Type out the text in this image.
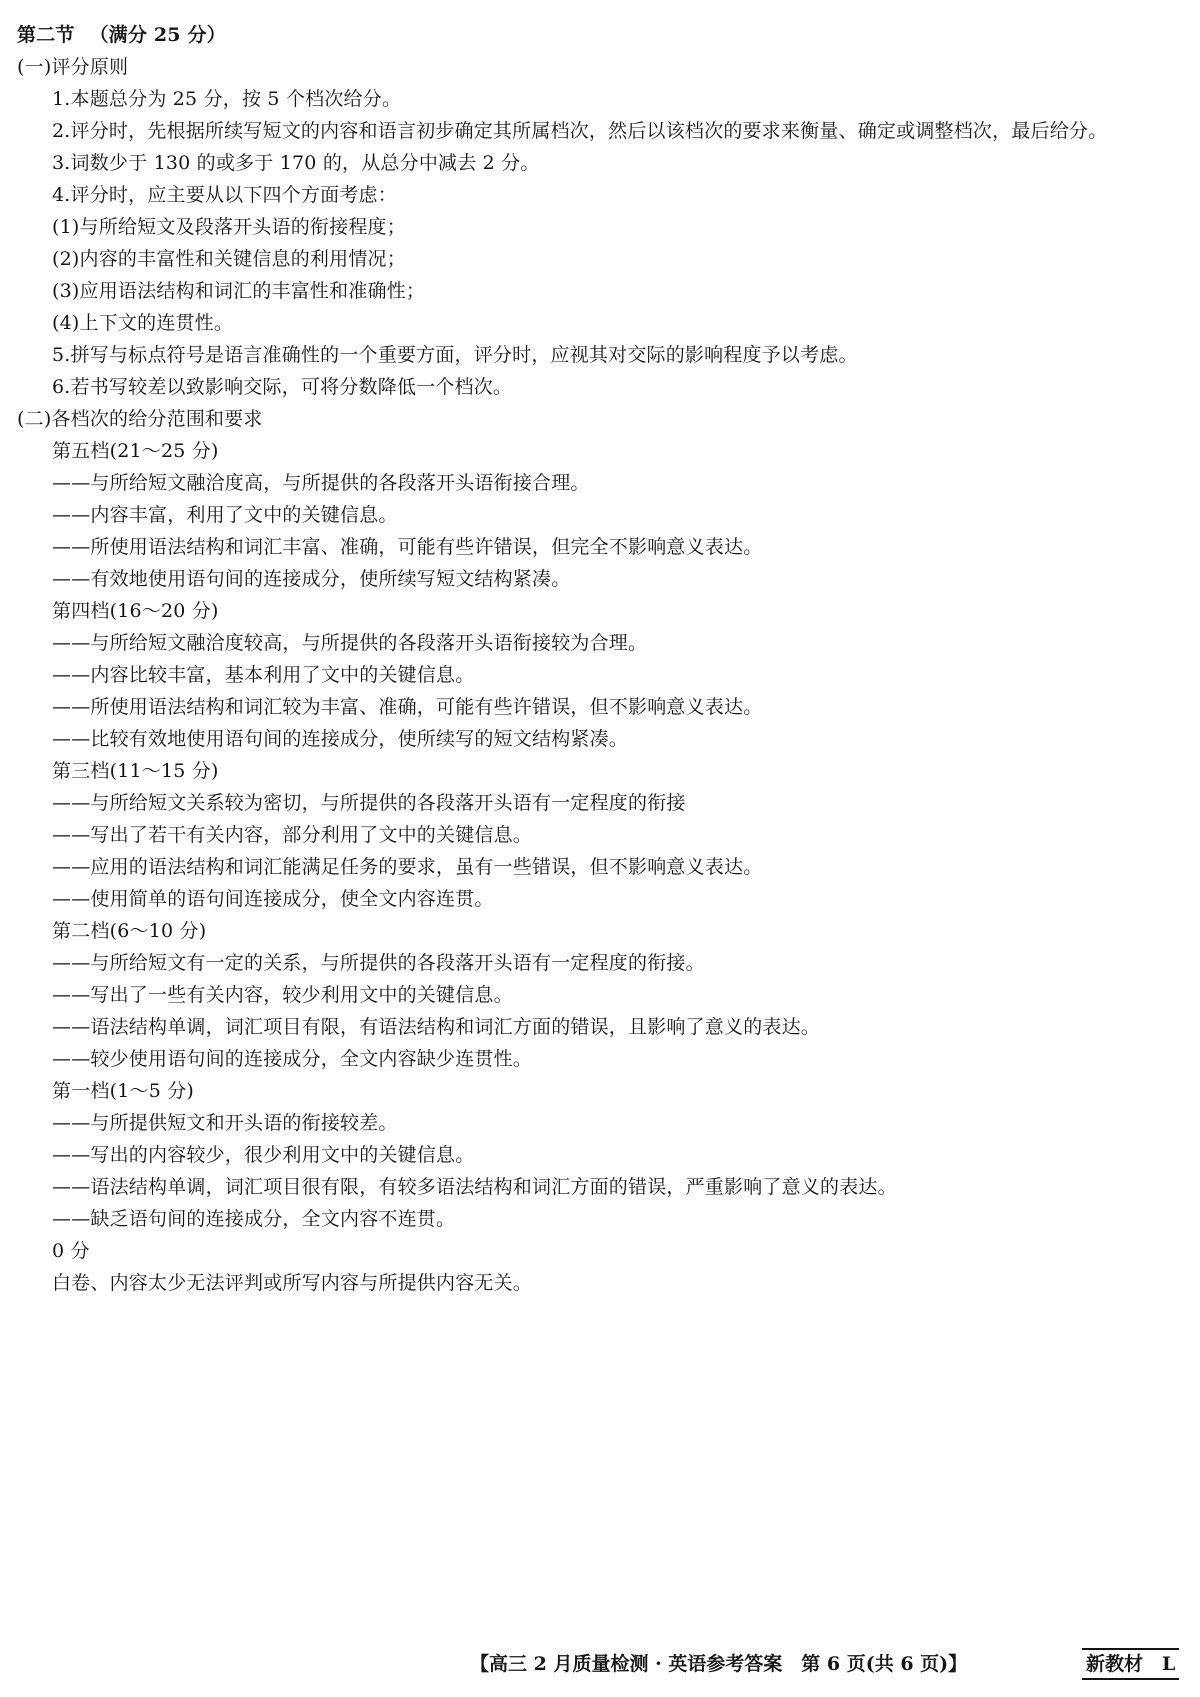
第二节 （满分 25 分）
(一)评分原则
1.本题总分为 25 分，按 5 个档次给分。
2.评分时，先根据所续写短文的内容和语言初步确定其所属档次，然后以该档次的要求来衡量、确定或调整档次，最后给分。
3.词数少于 130 的或多于 170 的，从总分中减去 2 分。
4.评分时，应主要从以下四个方面考虑：
(1)与所给短文及段落开头语的衔接程度；
(2)内容的丰富性和关键信息的利用情况；
(3)应用语法结构和词汇的丰富性和准确性；
(4)上下文的连贯性。
5.拼写与标点符号是语言准确性的一个重要方面，评分时，应视其对交际的影响程度予以考虑。
6.若书写较差以致影响交际，可将分数降低一个档次。
(二)各档次的给分范围和要求
第五档(21～25 分)
——与所给短文融洽度高，与所提供的各段落开头语衔接合理。
——内容丰富，利用了文中的关键信息。
——所使用语法结构和词汇丰富、准确，可能有些许错误，但完全不影响意义表达。
——有效地使用语句间的连接成分，使所续写短文结构紧凑。
第四档(16～20 分)
——与所给短文融洽度较高，与所提供的各段落开头语衔接较为合理。
——内容比较丰富，基本利用了文中的关键信息。
——所使用语法结构和词汇较为丰富、准确，可能有些许错误，但不影响意义表达。
——比较有效地使用语句间的连接成分，使所续写的短文结构紧凑。
第三档(11～15 分)
——与所给短文关系较为密切，与所提供的各段落开头语有一定程度的衔接
——写出了若干有关内容，部分利用了文中的关键信息。
——应用的语法结构和词汇能满足任务的要求，虽有一些错误，但不影响意义表达。
——使用简单的语句间连接成分，使全文内容连贯。
第二档(6～10 分)
——与所给短文有一定的关系，与所提供的各段落开头语有一定程度的衔接。
——写出了一些有关内容，较少利用文中的关键信息。
——语法结构单调，词汇项目有限，有语法结构和词汇方面的错误，且影响了意义的表达。
——较少使用语句间的连接成分，全文内容缺少连贯性。
第一档(1～5 分)
——与所提供短文和开头语的衔接较差。
——写出的内容较少，很少利用文中的关键信息。
——语法结构单调，词汇项目很有限，有较多语法结构和词汇方面的错误，严重影响了意义的表达。
——缺乏语句间的连接成分，全文内容不连贯。
0 分
白卷、内容太少无法评判或所写内容与所提供内容无关。
【高三 2 月质量检测 · 英语参考答案　第 6 页(共 6 页)】	新教材　L
